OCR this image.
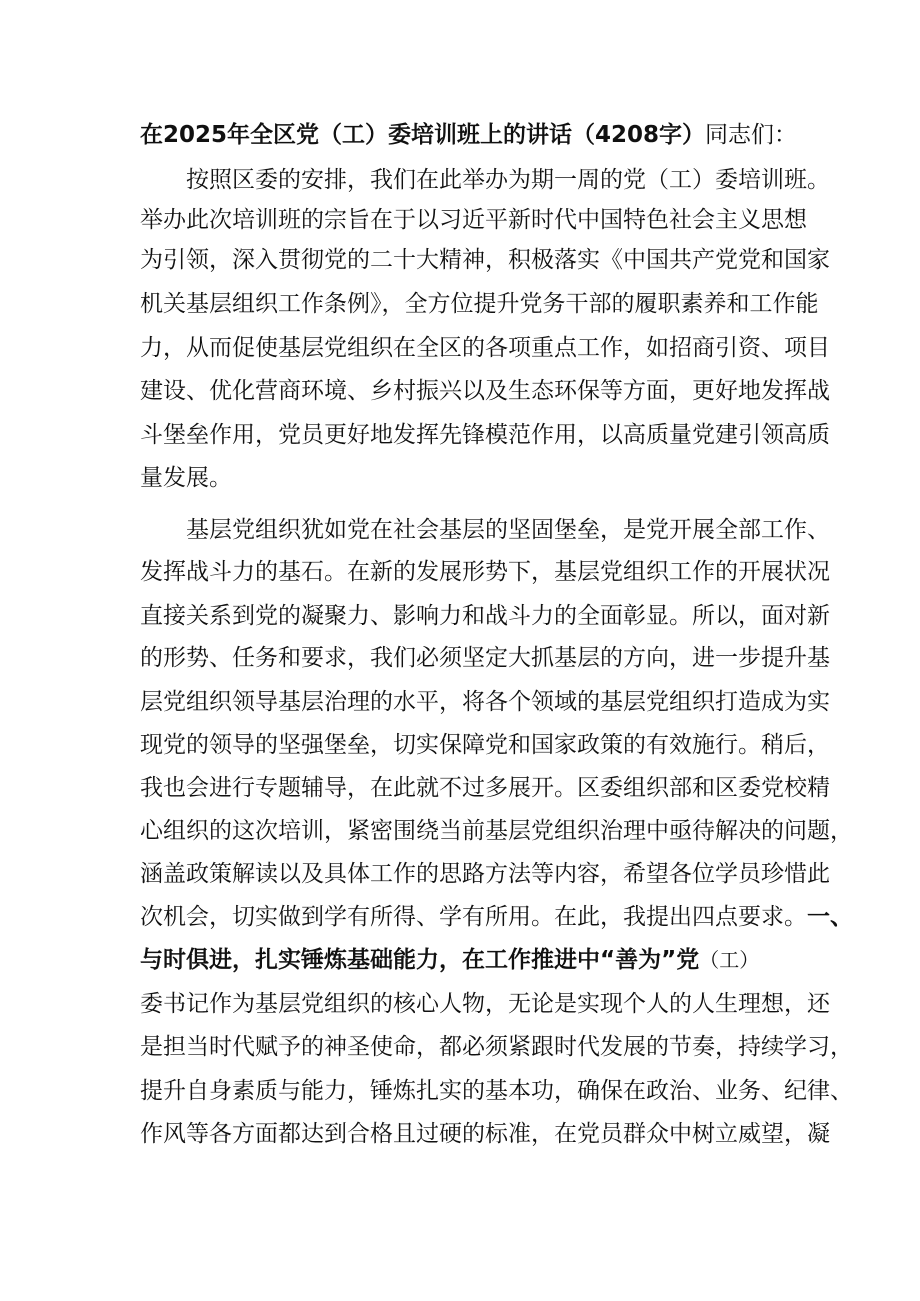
在2025年全区党（工）委培训班上的讲话（4208字）同志们：
　　按照区委的安排，我们在此举办为期一周的党（工）委培训班。
举办此次培训班的宗旨在于以习近平新时代中国特色社会主义思想
为引领，深入贯彻党的二十大精神，积极落实《中国共产党党和国家
机关基层组织工作条例》，全方位提升党务干部的履职素养和工作能
力，从而促使基层党组织在全区的各项重点工作，如招商引资、项目
建设、优化营商环境、乡村振兴以及生态环保等方面，更好地发挥战
斗堡垒作用，党员更好地发挥先锋模范作用，以高质量党建引领高质
量发展。
　　基层党组织犹如党在社会基层的坚固堡垒，是党开展全部工作、
发挥战斗力的基石。在新的发展形势下，基层党组织工作的开展状况
直接关系到党的凝聚力、影响力和战斗力的全面彰显。所以，面对新
的形势、任务和要求，我们必须坚定大抓基层的方向，进一步提升基
层党组织领导基层治理的水平，将各个领域的基层党组织打造成为实
现党的领导的坚强堡垒，切实保障党和国家政策的有效施行。稍后，
我也会进行专题辅导，在此就不过多展开。区委组织部和区委党校精
心组织的这次培训，紧密围绕当前基层党组织治理中亟待解决的问题，
涵盖政策解读以及具体工作的思路方法等内容，希望各位学员珍惜此
次机会，切实做到学有所得、学有所用。在此，我提出四点要求。一、
与时俱进，扎实锤炼基础能力，在工作推进中“善为”党（工）
委书记作为基层党组织的核心人物，无论是实现个人的人生理想，还
是担当时代赋予的神圣使命，都必须紧跟时代发展的节奏，持续学习，
提升自身素质与能力，锤炼扎实的基本功，确保在政治、业务、纪律、
作风等各方面都达到合格且过硬的标准，在党员群众中树立威望，凝
